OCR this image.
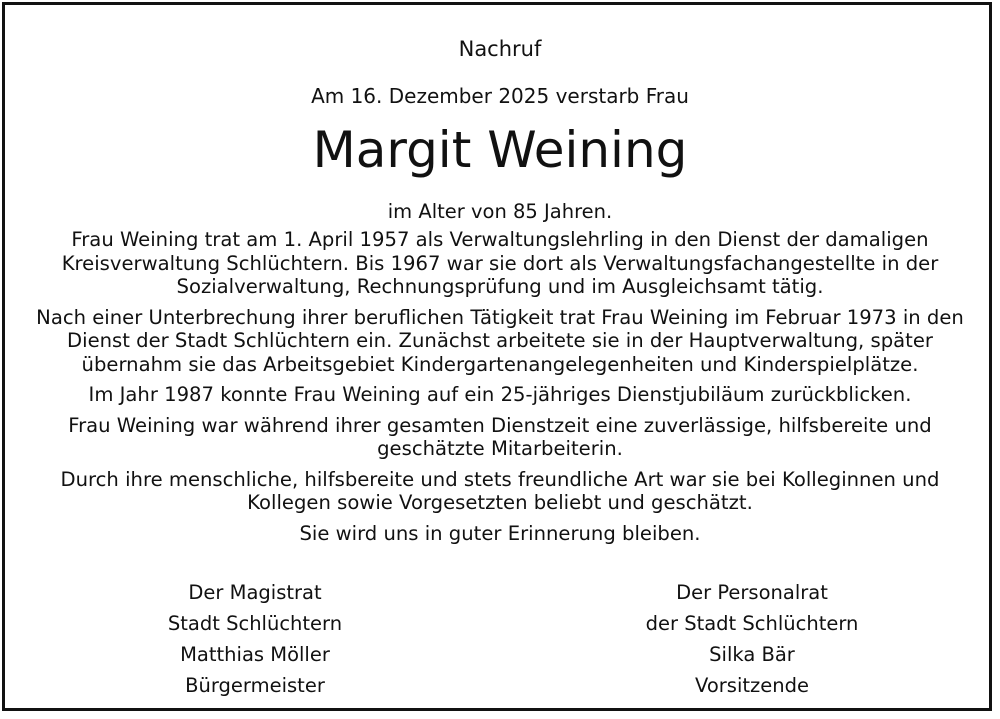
Nachruf
Am 16. Dezember 2025 verstarb Frau
Margit Weining
im Alter von 85 Jahren.

Frau Weining trat am 1. April 1957 als Verwaltungslehrling in den Dienst der damaligen Kreisverwaltung Schlüchtern. Bis 1967 war sie dort als Verwaltungsfachangestellte in der Sozialverwaltung, Rechnungsprüfung und im Ausgleichsamt tätig.

Nach einer Unterbrechung ihrer beruflichen Tätigkeit trat Frau Weining im Februar 1973 in den Dienst der Stadt Schlüchtern ein. Zunächst arbeitete sie in der Hauptverwaltung, später übernahm sie das Arbeitsgebiet Kindergartenangelegenheiten und Kinderspielplätze.

Im Jahr 1987 konnte Frau Weining auf ein 25-jähriges Dienstjubiläum zurückblicken.

Frau Weining war während ihrer gesamten Dienstzeit eine zuverlässige, hilfsbereite und geschätzte Mitarbeiterin.

Durch ihre menschliche, hilfsbereite und stets freundliche Art war sie bei Kolleginnen und Kollegen sowie Vorgesetzten beliebt und geschätzt.

Sie wird uns in guter Erinnerung bleiben.

Der Magistrat
Stadt Schlüchtern
Matthias Möller
Bürgermeister
Der Personalrat
der Stadt Schlüchtern
Silka Bär
Vorsitzende
